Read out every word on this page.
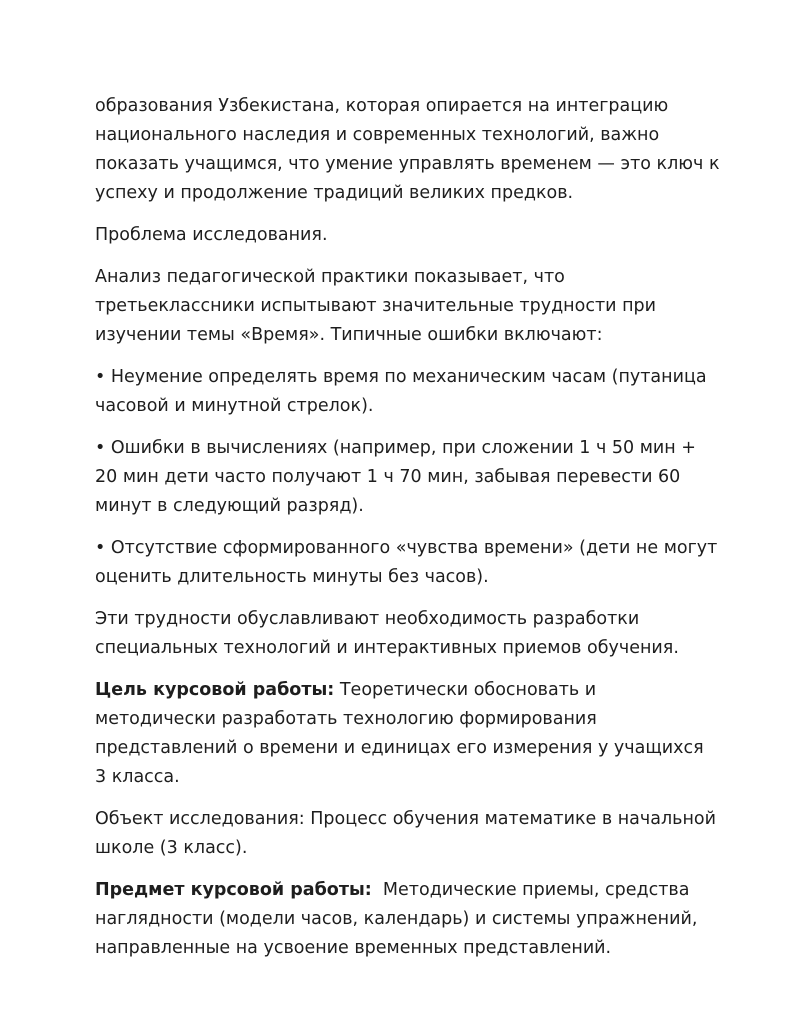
образования Узбекистана, которая опирается на интеграцию национального наследия и современных технологий, важно показать учащимся, что умение управлять временем — это ключ к успеху и продолжение традиций великих предков.

Проблема исследования.

Анализ педагогической практики показывает, что третьеклассники испытывают значительные трудности при изучении темы «Время». Типичные ошибки включают:

• Неумение определять время по механическим часам (путаница часовой и минутной стрелок).

• Ошибки в вычислениях (например, при сложении 1 ч 50 мин + 20 мин дети часто получают 1 ч 70 мин, забывая перевести 60 минут в следующий разряд).

• Отсутствие сформированного «чувства времени» (дети не могут оценить длительность минуты без часов).

Эти трудности обуславливают необходимость разработки специальных технологий и интерактивных приемов обучения.

Цель курсовой работы: Теоретически обосновать и методически разработать технологию формирования представлений о времени и единицах его измерения у учащихся 3 класса.

Объект исследования: Процесс обучения математике в начальной школе (3 класс).

Предмет курсовой работы:  Методические приемы, средства наглядности (модели часов, календарь) и системы упражнений, направленные на усвоение временных представлений.
